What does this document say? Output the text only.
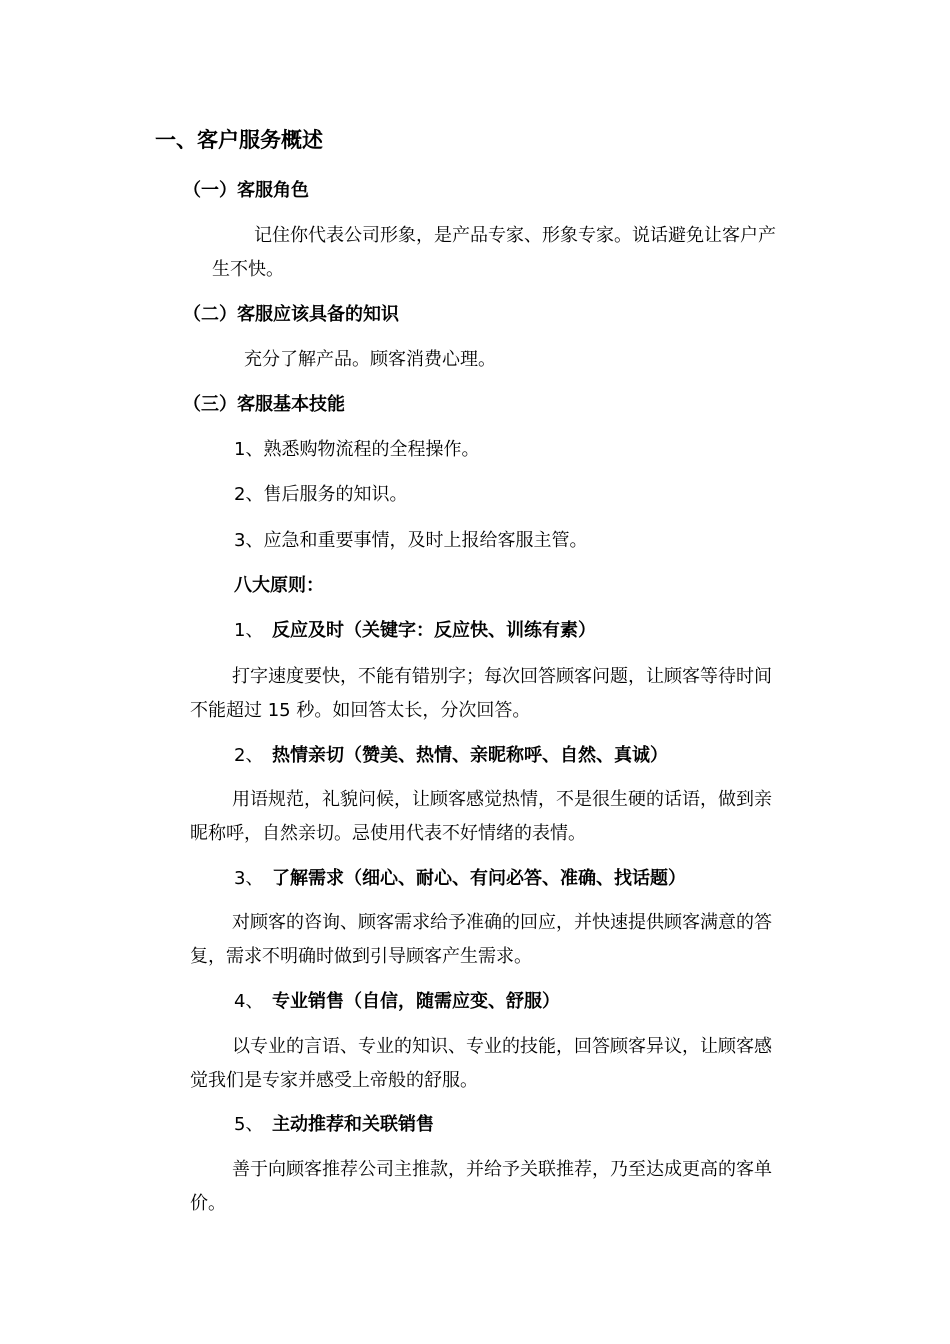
一、客户服务概述
（一）客服角色
记住你代表公司形象，是产品专家、形象专家。说话避免让客户产
生不快。
（二）客服应该具备的知识
充分了解产品。顾客消费心理。
（三）客服基本技能
1、熟悉购物流程的全程操作。
2、售后服务的知识。
3、应急和重要事情，及时上报给客服主管。
八大原则：
1、 反应及时（关键字：反应快、训练有素）
打字速度要快，不能有错别字；每次回答顾客问题，让顾客等待时间
不能超过 15 秒。如回答太长，分次回答。
2、 热情亲切（赞美、热情、亲昵称呼、自然、真诚）
用语规范，礼貌问候，让顾客感觉热情，不是很生硬的话语，做到亲
昵称呼，自然亲切。忌使用代表不好情绪的表情。
3、 了解需求（细心、耐心、有问必答、准确、找话题）
对顾客的咨询、顾客需求给予准确的回应，并快速提供顾客满意的答
复，需求不明确时做到引导顾客产生需求。
4、 专业销售（自信，随需应变、舒服）
以专业的言语、专业的知识、专业的技能，回答顾客异议，让顾客感
觉我们是专家并感受上帝般的舒服。
5、 主动推荐和关联销售
善于向顾客推荐公司主推款，并给予关联推荐，乃至达成更高的客单
价。
